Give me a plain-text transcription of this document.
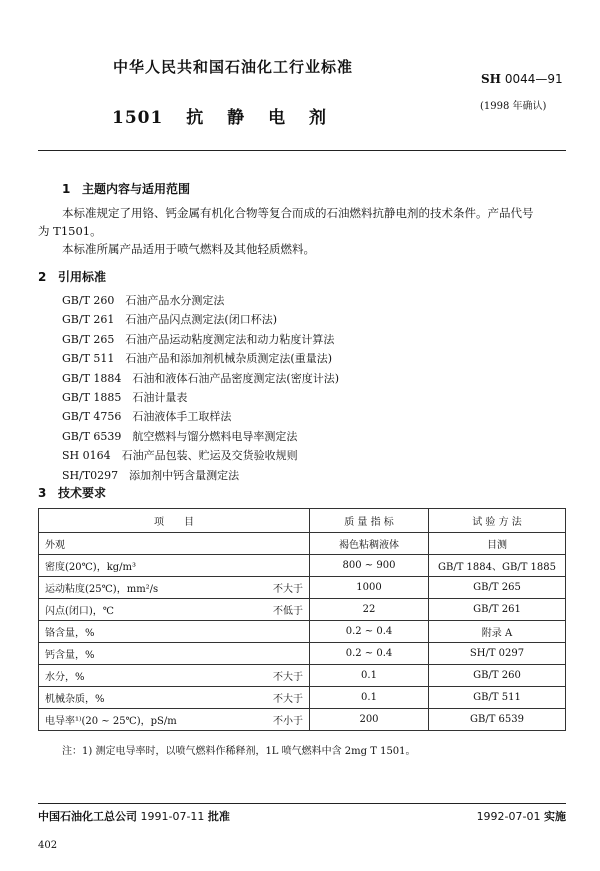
中华人民共和国石油化工行业标准
SH 0044—91
(1998 年确认)
1501 抗 静 电 剂
1 主题内容与适用范围
本标准规定了用铬、钙金属有机化合物等复合而成的石油燃料抗静电剂的技术条件。产品代号
为 T1501。
本标准所属产品适用于喷气燃料及其他轻质燃料。
2 引用标准
GB/T 260　石油产品水分测定法
GB/T 261　石油产品闪点测定法(闭口杯法)
GB/T 265　石油产品运动粘度测定法和动力粘度计算法
GB/T 511　石油产品和添加剂机械杂质测定法(重量法)
GB/T 1884　石油和液体石油产品密度测定法(密度计法)
GB/T 1885　石油计量表
GB/T 4756　石油液体手工取样法
GB/T 6539　航空燃料与馏分燃料电导率测定法
SH 0164　石油产品包装、贮运及交货验收规则
SH/T0297　添加剂中钙含量测定法
3 技术要求
项　　目	质 量 指 标	试 验 方 法

外观	褐色粘稠液体	目测

密度(20℃)，kg/m³	800 ~ 900	GB/T 1884、GB/T 1885

运动粘度(25℃)，mm²/s 不大于	1000	GB/T 265

闪点(闭口)，℃ 不低于	22	GB/T 261

铬含量，%	0.2 ~ 0.4	附录 A

钙含量，%	0.2 ~ 0.4	SH/T 0297

水分，% 不大于	0.1	GB/T 260

机械杂质，% 不大于	0.1	GB/T 511

电导率¹⁾(20 ~ 25℃)，pS/m 不小于	200	GB/T 6539
注：1) 测定电导率时，以喷气燃料作稀释剂，1L 喷气燃料中含 2mg T 1501。
中国石油化工总公司 1991-07-11 批准	1992-07-01 实施
402
